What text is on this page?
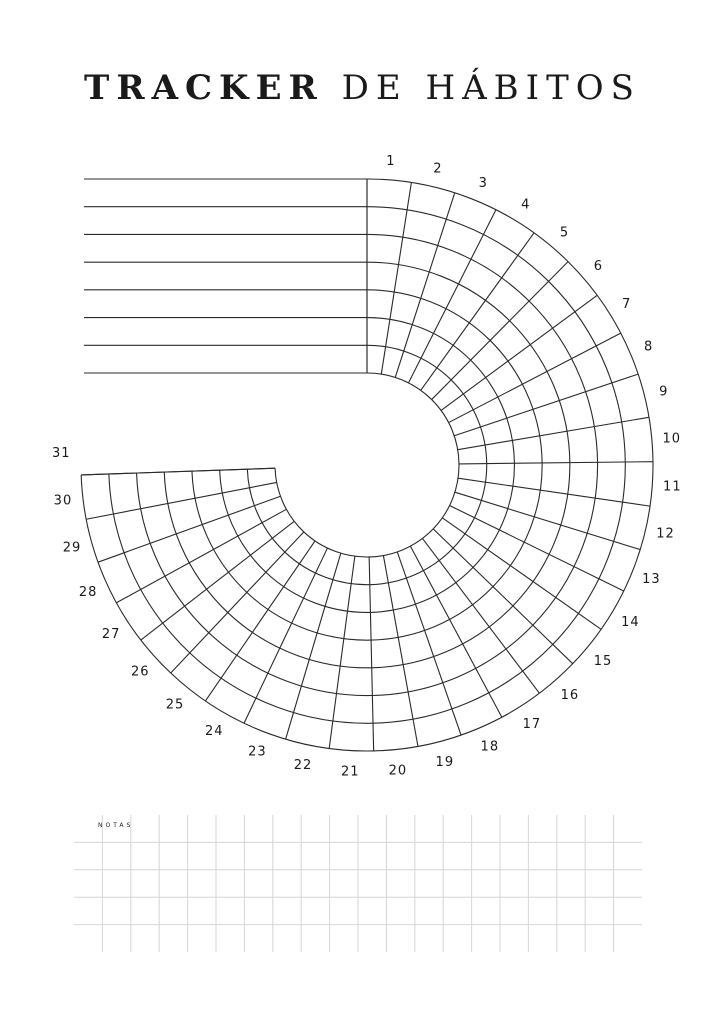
TRACKER DE HÁBITOS
1	2
3
4
5
6
7
8
9
10
11
12
13
14
15
16
17
18
19
20
21
22
23
24
25
26
27
28
29
30
31
NOTAS
